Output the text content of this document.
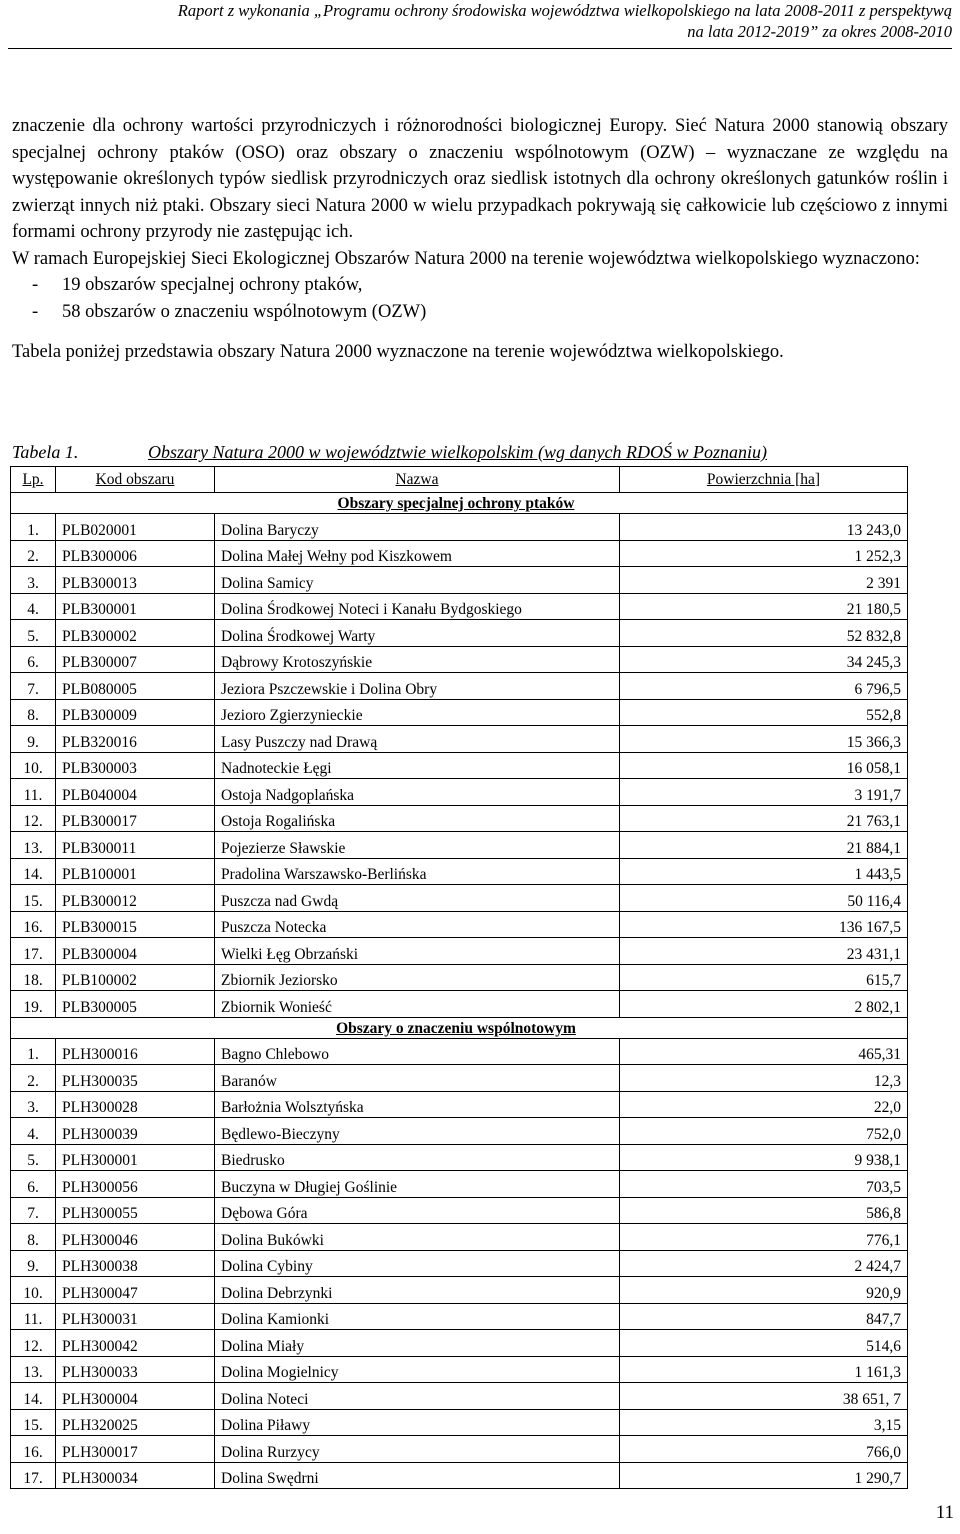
Raport z wykonania „Programu ochrony środowiska województwa wielkopolskiego na lata 2008-2011 z perspektywą
na lata 2012-2019” za okres 2008-2010

znaczenie dla ochrony wartości przyrodniczych i różnorodności biologicznej Europy. Sieć Natura 2000 stanowią obszary specjalnej ochrony ptaków (OSO) oraz obszary o znaczeniu wspólnotowym (OZW) – wyznaczane ze względu na występowanie określonych typów siedlisk przyrodniczych oraz siedlisk istotnych dla ochrony określonych gatunków roślin i zwierząt innych niż ptaki. Obszary sieci Natura 2000 w wielu przypadkach pokrywają się całkowicie lub częściowo z innymi formami ochrony przyrody nie zastępując ich.

W ramach Europejskiej Sieci Ekologicznej Obszarów Natura 2000 na terenie województwa wielkopolskiego wyznaczono:

- 19 obszarów specjalnej ochrony ptaków,
- 58 obszarów o znaczeniu wspólnotowym (OZW)

Tabela poniżej przedstawia obszary Natura 2000 wyznaczone na terenie województwa wielkopolskiego.

Tabela 1.	Obszary Natura 2000 w województwie wielkopolskim (wg danych RDOŚ w Poznaniu)
Lp.	Kod obszaru	Nazwa	Powierzchnia [ha]
Obszary specjalnej ochrony ptaków			
1.	PLB020001	Dolina Baryczy	13 243,0
2.	PLB300006	Dolina Małej Wełny pod Kiszkowem	1 252,3
3.	PLB300013	Dolina Samicy	2 391
4.	PLB300001	Dolina Środkowej Noteci i Kanału Bydgoskiego	21 180,5
5.	PLB300002	Dolina Środkowej Warty	52 832,8
6.	PLB300007	Dąbrowy Krotoszyńskie	34 245,3
7.	PLB080005	Jeziora Pszczewskie i Dolina Obry	6 796,5
8.	PLB300009	Jezioro Zgierzynieckie	552,8
9.	PLB320016	Lasy Puszczy nad Drawą	15 366,3
10.	PLB300003	Nadnoteckie Łęgi	16 058,1
11.	PLB040004	Ostoja Nadgoplańska	3 191,7
12.	PLB300017	Ostoja Rogalińska	21 763,1
13.	PLB300011	Pojezierze Sławskie	21 884,1
14.	PLB100001	Pradolina Warszawsko-Berlińska	1 443,5
15.	PLB300012	Puszcza nad Gwdą	50 116,4
16.	PLB300015	Puszcza Notecka	136 167,5
17.	PLB300004	Wielki Łęg Obrzański	23 431,1
18.	PLB100002	Zbiornik Jeziorsko	615,7
19.	PLB300005	Zbiornik Wonieść	2 802,1
Obszary o znaczeniu wspólnotowym			
1.	PLH300016	Bagno Chlebowo	465,31
2.	PLH300035	Baranów	12,3
3.	PLH300028	Barłożnia Wolsztyńska	22,0
4.	PLH300039	Będlewo-Bieczyny	752,0
5.	PLH300001	Biedrusko	9 938,1
6.	PLH300056	Buczyna w Długiej Goślinie	703,5
7.	PLH300055	Dębowa Góra	586,8
8.	PLH300046	Dolina Bukówki	776,1
9.	PLH300038	Dolina Cybiny	2 424,7
10.	PLH300047	Dolina Debrzynki	920,9
11.	PLH300031	Dolina Kamionki	847,7
12.	PLH300042	Dolina Miały	514,6
13.	PLH300033	Dolina Mogielnicy	1 161,3
14.	PLH300004	Dolina Noteci	38 651, 7
15.	PLH320025	Dolina Piławy	3,15
16.	PLH300017	Dolina Rurzycy	766,0
17.	PLH300034	Dolina Swędrni	1 290,7
11
